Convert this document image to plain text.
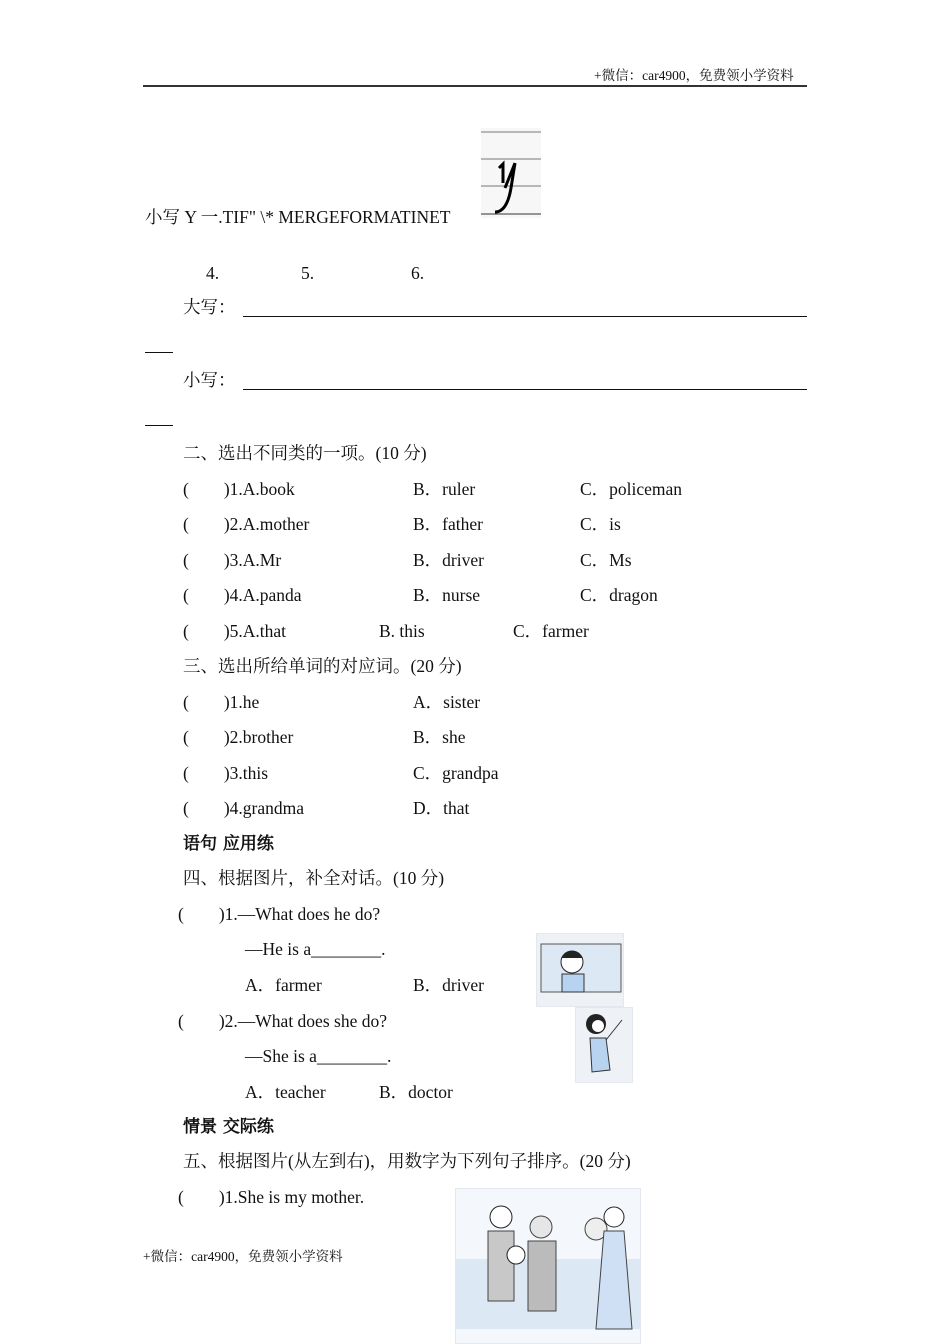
+微信：car4900，免费领小学资料
小写 Y 一.TIF" \* MERGEFORMATINET
4.	5.	6.
大写：
小写：
二、选出不同类的一项。(10 分)
(　　)1.A.book	B．ruler	C．policeman
(　　)2.A.mother	B．father	C．is
(　　)3.A.Mr	B．driver	C．Ms
(　　)4.A.panda	B．nurse	C．dragon
(　　)5.A.that	B. this	C．farmer
三、选出所给单词的对应词。(20 分)
(　　)1.he	A．sister
(　　)2.brother	B．she
(　　)3.this	C．grandpa
(　　)4.grandma	D．that
语句 应用练
四、根据图片，补全对话。(10 分)
(　　)1.—What does he do?
—He is a________.
A．farmer	B．driver
(　　)2.—What does she do?
—She is a________.
A．teacher	B．doctor
情景 交际练
五、根据图片(从左到右)，用数字为下列句子排序。(20 分)
(　　)1.She is my mother.
+微信：car4900，免费领小学资料
